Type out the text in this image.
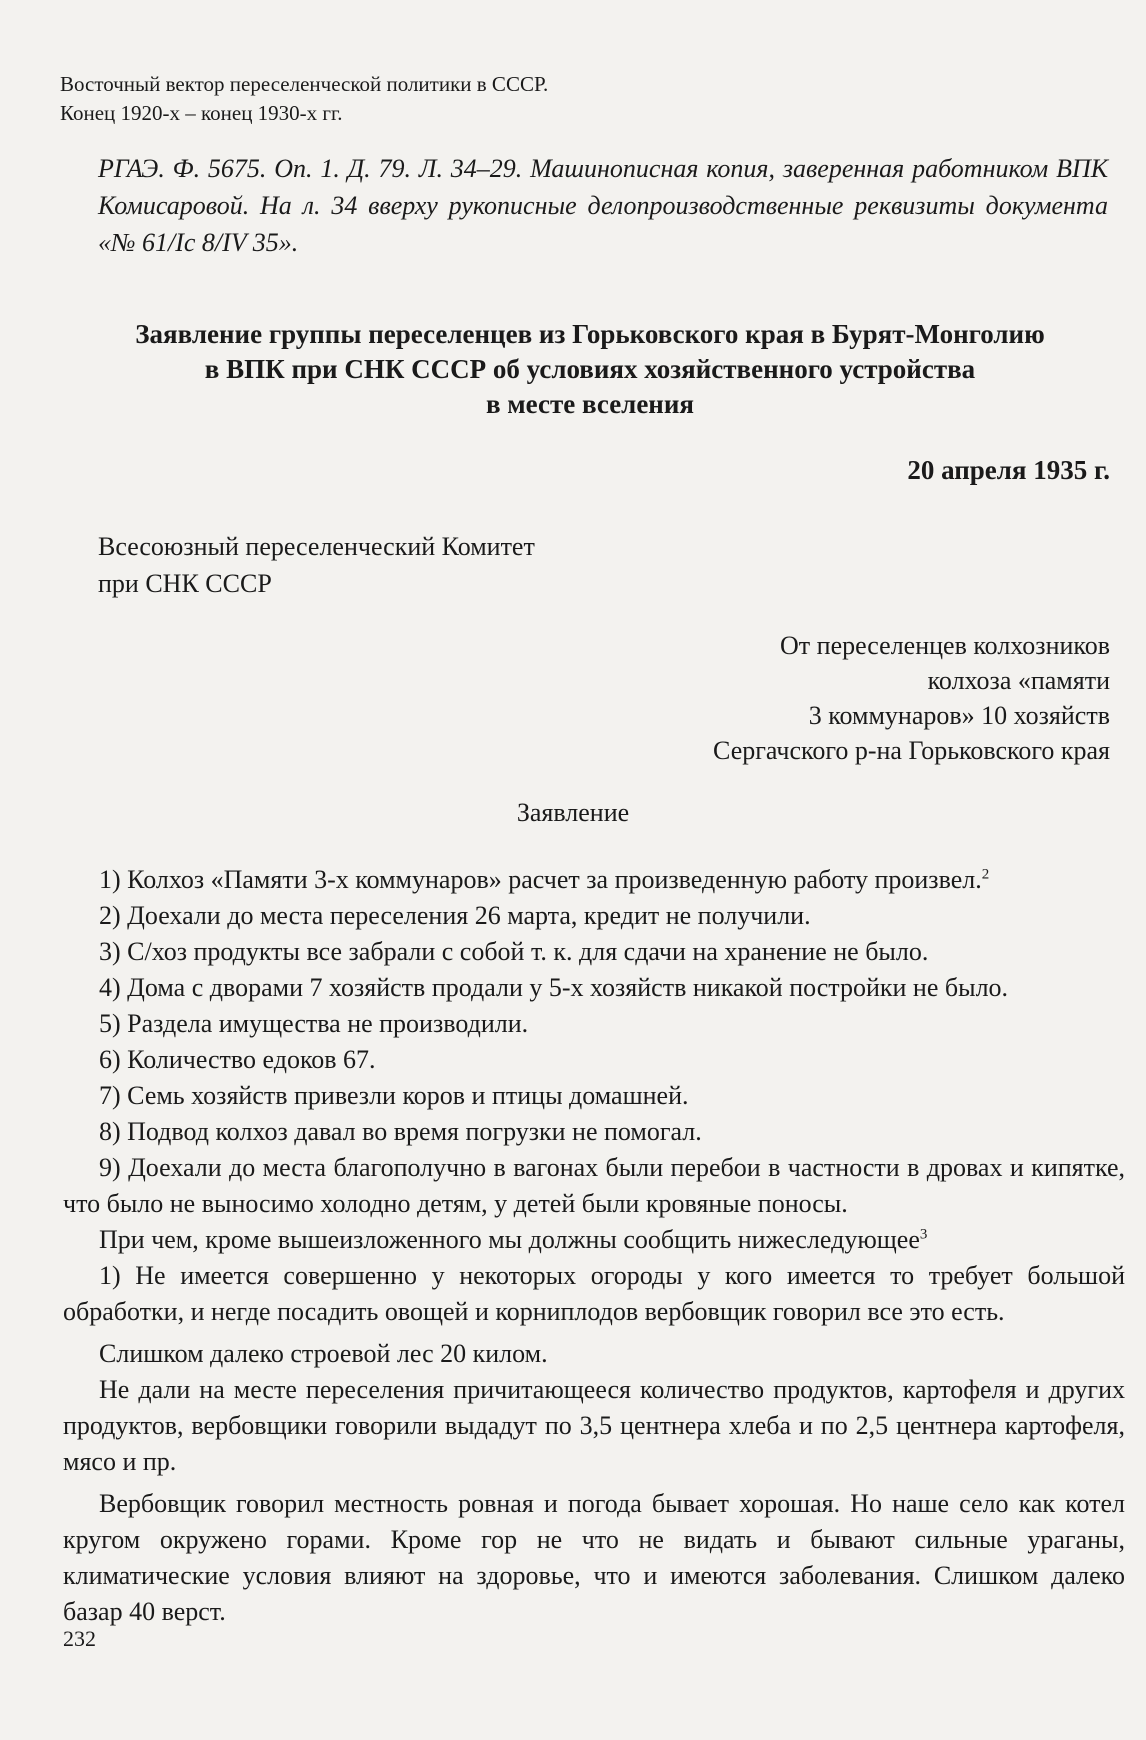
Восточный вектор переселенческой политики в СССР.
Конец 1920-х – конец 1930-х гг.
РГАЭ. Ф. 5675. Оп. 1. Д. 79. Л. 34–29. Машинописная копия, заверенная работником ВПК Комисаровой. На л. 34 вверху рукописные делопроизводственные реквизиты документа «№ 61/Іс 8/IV 35».
Заявление группы переселенцев из Горьковского края в Бурят-Монголию
в ВПК при СНК СССР об условиях хозяйственного устройства
в месте вселения
20 апреля 1935 г.
Всесоюзный переселенческий Комитет
при СНК СССР
От переселенцев колхозников
колхоза «памяти
3 коммунаров» 10 хозяйств
Сергачского р-на Горьковского края
Заявление

1) Колхоз «Памяти 3-х коммунаров» расчет за произведенную работу произвел.$^2$

2) Доехали до места переселения 26 марта, кредит не получили.

3) С/хоз продукты все забрали с собой т. к. для сдачи на хранение не было.

4) Дома с дворами 7 хозяйств продали у 5-х хозяйств никакой постройки не было.

5) Раздела имущества не производили.

6) Количество едоков 67.

7) Семь хозяйств привезли коров и птицы домашней.

8) Подвод колхоз давал во время погрузки не помогал.

9) Доехали до места благополучно в вагонах были перебои в частности в дровах и кипятке, что было не выносимо холодно детям, у детей были кровяные поносы.

При чем, кроме вышеизложенного мы должны сообщить нижеследующее$^3$

1) Не имеется совершенно у некоторых огороды у кого имеется то требует большой обработки, и негде посадить овощей и корниплодов вербовщик говорил все это есть.

Слишком далеко строевой лес 20 килом.

Не дали на месте переселения причитающееся количество продуктов, картофеля и других продуктов, вербовщики говорили выдадут по 3,5 центнера хлеба и по 2,5 центнера картофеля, мясо и пр.

Вербовщик говорил местность ровная и погода бывает хорошая. Но наше село как котел кругом окружено горами. Кроме гор не что не видать и бывают сильные ураганы, климатические условия влияют на здоровье, что и имеются заболевания. Слишком далеко базар 40 верст.

232
